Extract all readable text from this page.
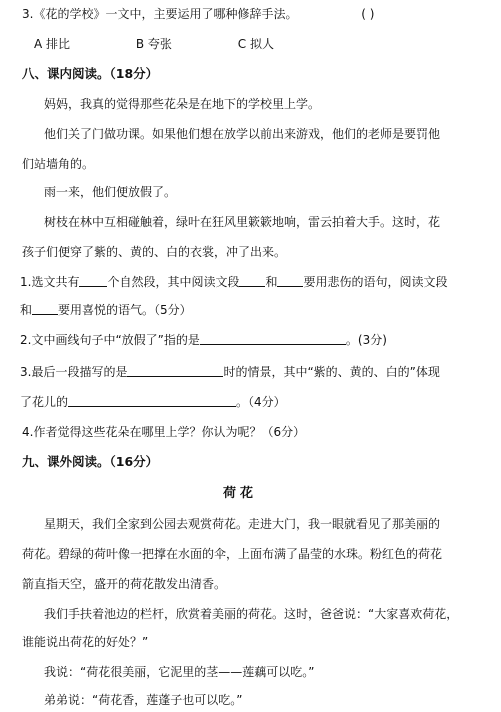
3.《花的学校》一文中，主要运用了哪种修辞手法。	( )
A 排比	B 夸张	C 拟人
八、课内阅读。（18分）
妈妈，我真的觉得那些花朵是在地下的学校里上学。
他们关了门做功课。如果他们想在放学以前出来游戏，他们的老师是要罚他
们站墙角的。
雨一来，他们便放假了。
树枝在林中互相碰触着，绿叶在狂风里簌簌地响，雷云拍着大手。这时，花
孩子们便穿了紫的、黄的、白的衣裳，冲了出来。
1.选文共有 个自然段，其中阅读文段 和 要用悲伤的语句，阅读文段
和 要用喜悦的语气。（5分）
2.文中画线句子中“放假了”指的是	。(3分)
3.最后一段描写的是	时的情景，其中“紫的、黄的、白的”体现
了花儿的	。（4分）
4.作者觉得这些花朵在哪里上学？你认为呢？（6分）
九、课外阅读。（16分）
荷花
星期天，我们全家到公园去观赏荷花。走进大门，我一眼就看见了那美丽的
荷花。碧绿的荷叶像一把撑在水面的伞，上面布满了晶莹的水珠。粉红色的荷花
箭直指天空，盛开的荷花散发出清香。
我们手扶着池边的栏杆，欣赏着美丽的荷花。这时，爸爸说：“大家喜欢荷花，
谁能说出荷花的好处？”
我说：“荷花很美丽，它泥里的茎——莲藕可以吃。”
弟弟说：“荷花香，莲蓬子也可以吃。”
